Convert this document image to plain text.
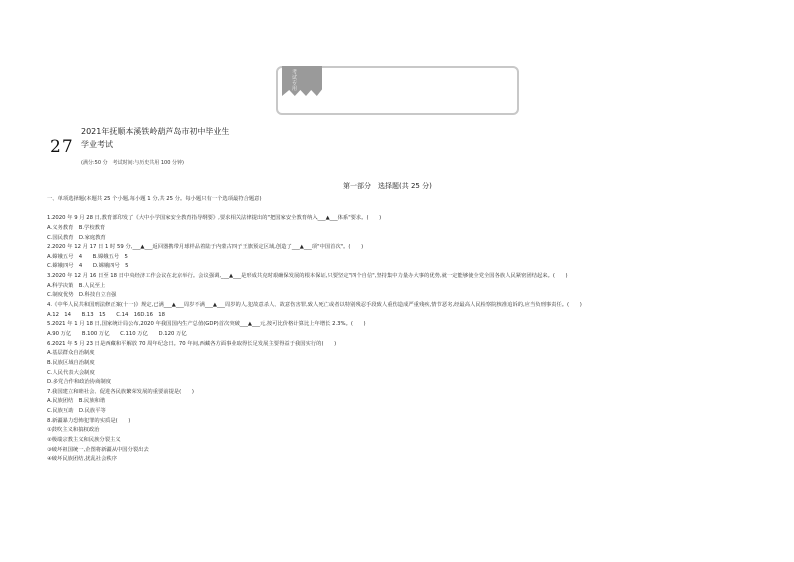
考试专用
27
2021年抚顺本溪铁岭葫芦岛市初中毕业生
学业考试
(满分:50 分　考试时间:与历史共用 100 分钟)
第一部分　选择题(共 25 分)
一、单项选择题(本题共 25 个小题,每小题 1 分,共 25 分。每小题只有一个选项最符合题意)
1.2020 年 9 月 28 日,教育部印发了《大中小学国家安全教育指导纲要》,要求相关法律提出的"把国家安全教育纳入___▲___体系"要求。(　　)
A.义务教育　B.学校教育
C.国民教育　D.家庭教育
2.2020 年 12 月 17 日 1 时 59 分,___▲___返回器携带月球样品着陆于内蒙古四子王旗预定区域,创造了___▲___项"中国首次"。(　　)
A.嫦娥五号　4　　B.嫦娥五号　5
C.嫦娥四号　4　　D.嫦娥四号　5
3.2020 年 12 月 16 日至 18 日中央经济工作会议在北京举行。会议强调,___▲___是形成共克时艰确保发展的根本保证,只要坚定"四个自信",坚持集中力量办大事的优势,就一定能够使全党全国各族人民紧密团结起来。(　　)
A.科学决策　B.人民至上
C.制度优势　D.科技自立自强
4.《中华人民共和国刑法修正案(十一)》规定,已满___▲___周岁不满___▲___周岁的人,犯故意杀人、故意伤害罪,致人死亡或者以特别残忍手段致人重伤造成严重残疾,情节恶劣,经最高人民检察院核准追诉的,应当负刑事责任。(　　)
A.12　14　　B.13　15　　C.14　16D.16　18
5.2021 年 1 月 18 日,国家统计局公布,2020 年我国国内生产总值(GDP)首次突破___▲___元,按可比价格计算比上年增长 2.3%。(　　)
A.90 万亿　　B.100 万亿　　C.110 万亿　　D.120 万亿
6.2021 年 5 月 23 日是西藏和平解放 70 周年纪念日。70 年间,西藏各方面事业取得长足发展主要得益于我国实行的(　　)
A.基层群众自治制度
B.民族区域自治制度
C.人民代表大会制度
D.多党合作和政治协商制度
7.我国建立和睦社会、促进各民族繁荣发展的重要前提是(　　)
A.民族团结　B.民族和谐
C.民族互助　D.民族平等
8.新疆暴力恐怖犯罪的实质是(　　)
①鼓吹主义和搞权政治
②极端宗教主义和民族分裂主义
③破坏祖国统一,企图将新疆从中国分裂出去
④破坏民族团结,扰乱社会秩序
